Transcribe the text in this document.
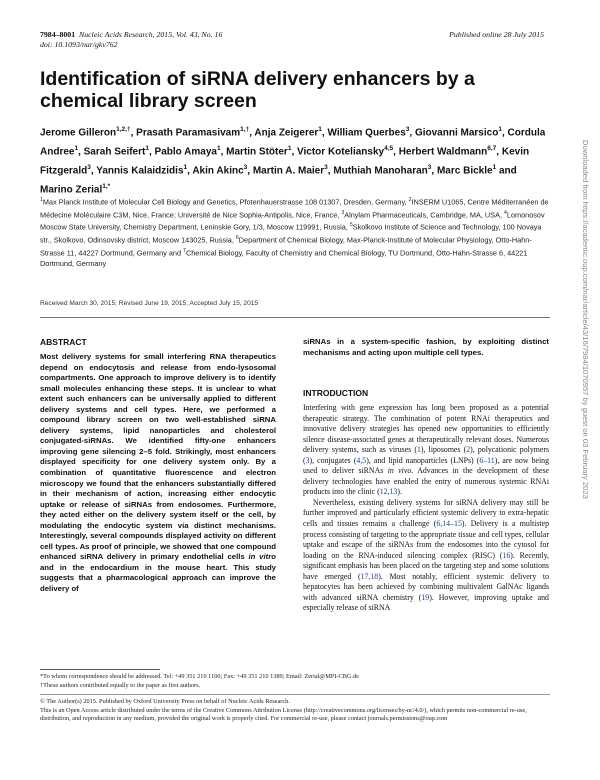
7984–8001 Nucleic Acids Research, 2015, Vol. 43, No. 16
doi: 10.1093/nar/gkv762
Published online 28 July 2015
Identification of siRNA delivery enhancers by a chemical library screen
Jerome Gilleron$^{1,2,\dagger}$, Prasath Paramasivam$^{1,\dagger}$, Anja Zeigerer$^1$, William Querbes$^3$, Giovanni Marsico$^1$, Cordula Andree$^1$, Sarah Seifert$^1$, Pablo Amaya$^1$, Martin Stöter$^1$, Victor Koteliansky$^{4,5}$, Herbert Waldmann$^{6,7}$, Kevin Fitzgerald$^3$, Yannis Kalaidzidis$^1$, Akin Akinc$^3$, Martin A. Maier$^3$, Muthiah Manoharan$^3$, Marc Bickle$^1$ and Marino Zerial$^{1,*}$
$^1$Max Planck Institute of Molecular Cell Biology and Genetics, Pfotenhauerstrasse 108 01307, Dresden, Germany, $^2$INSERM U1065, Centre Méditerranéen de Médecine Moléculaire C3M, Nice, France; Université de Nice Sophia-Antipolis, Nice, France, $^3$Alnylam Pharmaceuticals, Cambridge, MA, USA, $^4$Lomonosov Moscow State University, Chemistry Department, Leninskie Gory, 1/3, Moscow 119991, Russia, $^5$Skolkovo Institute of Science and Technology, 100 Novaya str., Skolkovo, Odinsovsky district, Moscow 143025, Russia, $^6$Department of Chemical Biology, Max-Planck-Institute of Molecular Physiology, Otto-Hahn-Strasse 11, 44227 Dortmund, Germany and $^7$Chemical Biology, Faculty of Chemistry and Chemical Biology, TU Dortmund, Otto-Hahn-Strasse 6, 44221 Dortmund, Germany
Received March 30, 2015; Revised June 19, 2015; Accepted July 15, 2015
ABSTRACT
Most delivery systems for small interfering RNA therapeutics depend on endocytosis and release from endo-lysosomal compartments. One approach to improve delivery is to identify small molecules enhancing these steps. It is unclear to what extent such enhancers can be universally applied to different delivery systems and cell types. Here, we performed a compound library screen on two well-established siRNA delivery systems, lipid nanoparticles and cholesterol conjugated-siRNAs. We identified fifty-one enhancers improving gene silencing 2–5 fold. Strikingly, most enhancers displayed specificity for one delivery system only. By a combination of quantitative fluorescence and electron microscopy we found that the enhancers substantially differed in their mechanism of action, increasing either endocytic uptake or release of siRNAs from endosomes. Furthermore, they acted either on the delivery system itself or the cell, by modulating the endocytic system via distinct mechanisms. Interestingly, several compounds displayed activity on different cell types. As proof of principle, we showed that one compound enhanced siRNA delivery in primary endothelial cells in vitro and in the endocardium in the mouse heart. This study suggests that a pharmacological approach can improve the delivery of
siRNAs in a system-specific fashion, by exploiting distinct mechanisms and acting upon multiple cell types.
INTRODUCTION

Interfering with gene expression has long been proposed as a potential therapeutic strategy. The combination of potent RNAi therapeutics and innovative delivery strategies has opened new opportunities to efficiently silence disease-associated genes at therapeutically relevant doses. Numerous delivery systems, such as viruses (1), liposomes (2), polycationic polymers (3), conjugates (4,5), and lipid nanoparticles (LNPs) (6–11), are now being used to deliver siRNAs in vivo. Advances in the development of these delivery technologies have enabled the entry of numerous systemic RNAi products into the clinic (12,13).

Nevertheless, existing delivery systems for siRNA delivery may still be further improved and particularly efficient systemic delivery to extra-hepatic cells and tissues remains a challenge (6,14–15). Delivery is a multistep process consisting of targeting to the appropriate tissue and cell types, cellular uptake and escape of the siRNAs from the endosomes into the cytosol for loading on the RNA-induced silencing complex (RISC) (16). Recently, significant emphasis has been placed on the targeting step and some solutions have emerged (17,18). Most notably, efficient systemic delivery to hepatocytes has been achieved by combining multivalent GalNAc ligands with advanced siRNA chemistry (19). However, improving uptake and especially release of siRNA

*To whom correspondence should be addressed. Tel: +49 351 210 1100; Fax: +49 351 210 1389; Email: Zerial@MPI-CBG.de
†These authors contributed equally to the paper as first authors.
© The Author(s) 2015. Published by Oxford University Press on behalf of Nucleic Acids Research.
This is an Open Access article distributed under the terms of the Creative Commons Attribution License (http://creativecommons.org/licenses/by-nc/4.0/), which permits non-commercial re-use, distribution, and reproduction in any medium, provided the original work is properly cited. For commercial re-use, please contact journals.permissions@oup.com
Downloaded from https://academic.oup.com/nar/article/43/16/7984/1070957 by guest on 03 February 2023
